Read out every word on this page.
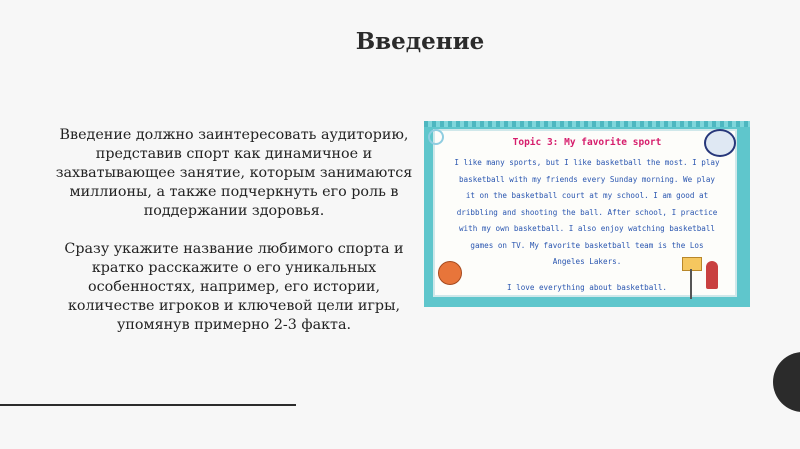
Введение

Введение должно заинтересовать аудиторию, представив спорт как динамичное и захватывающее занятие, которым занимаются миллионы, а также подчеркнуть его роль в поддержании здоровья.

Сразу укажите название любимого спорта и кратко расскажите о его уникальных особенностях, например, его истории, количестве игроков и ключевой цели игры, упомянув примерно 2-3 факта.

Topic 3: My favorite sport
I like many sports, but I like basketball the most. I play
basketball with my friends every Sunday morning. We play
it on the basketball court at my school. I am good at
dribbling and shooting the ball. After school, I practice
with my own basketball. I also enjoy watching basketball
games on TV. My favorite basketball team is the Los
Angeles Lakers.
I love everything about basketball.
